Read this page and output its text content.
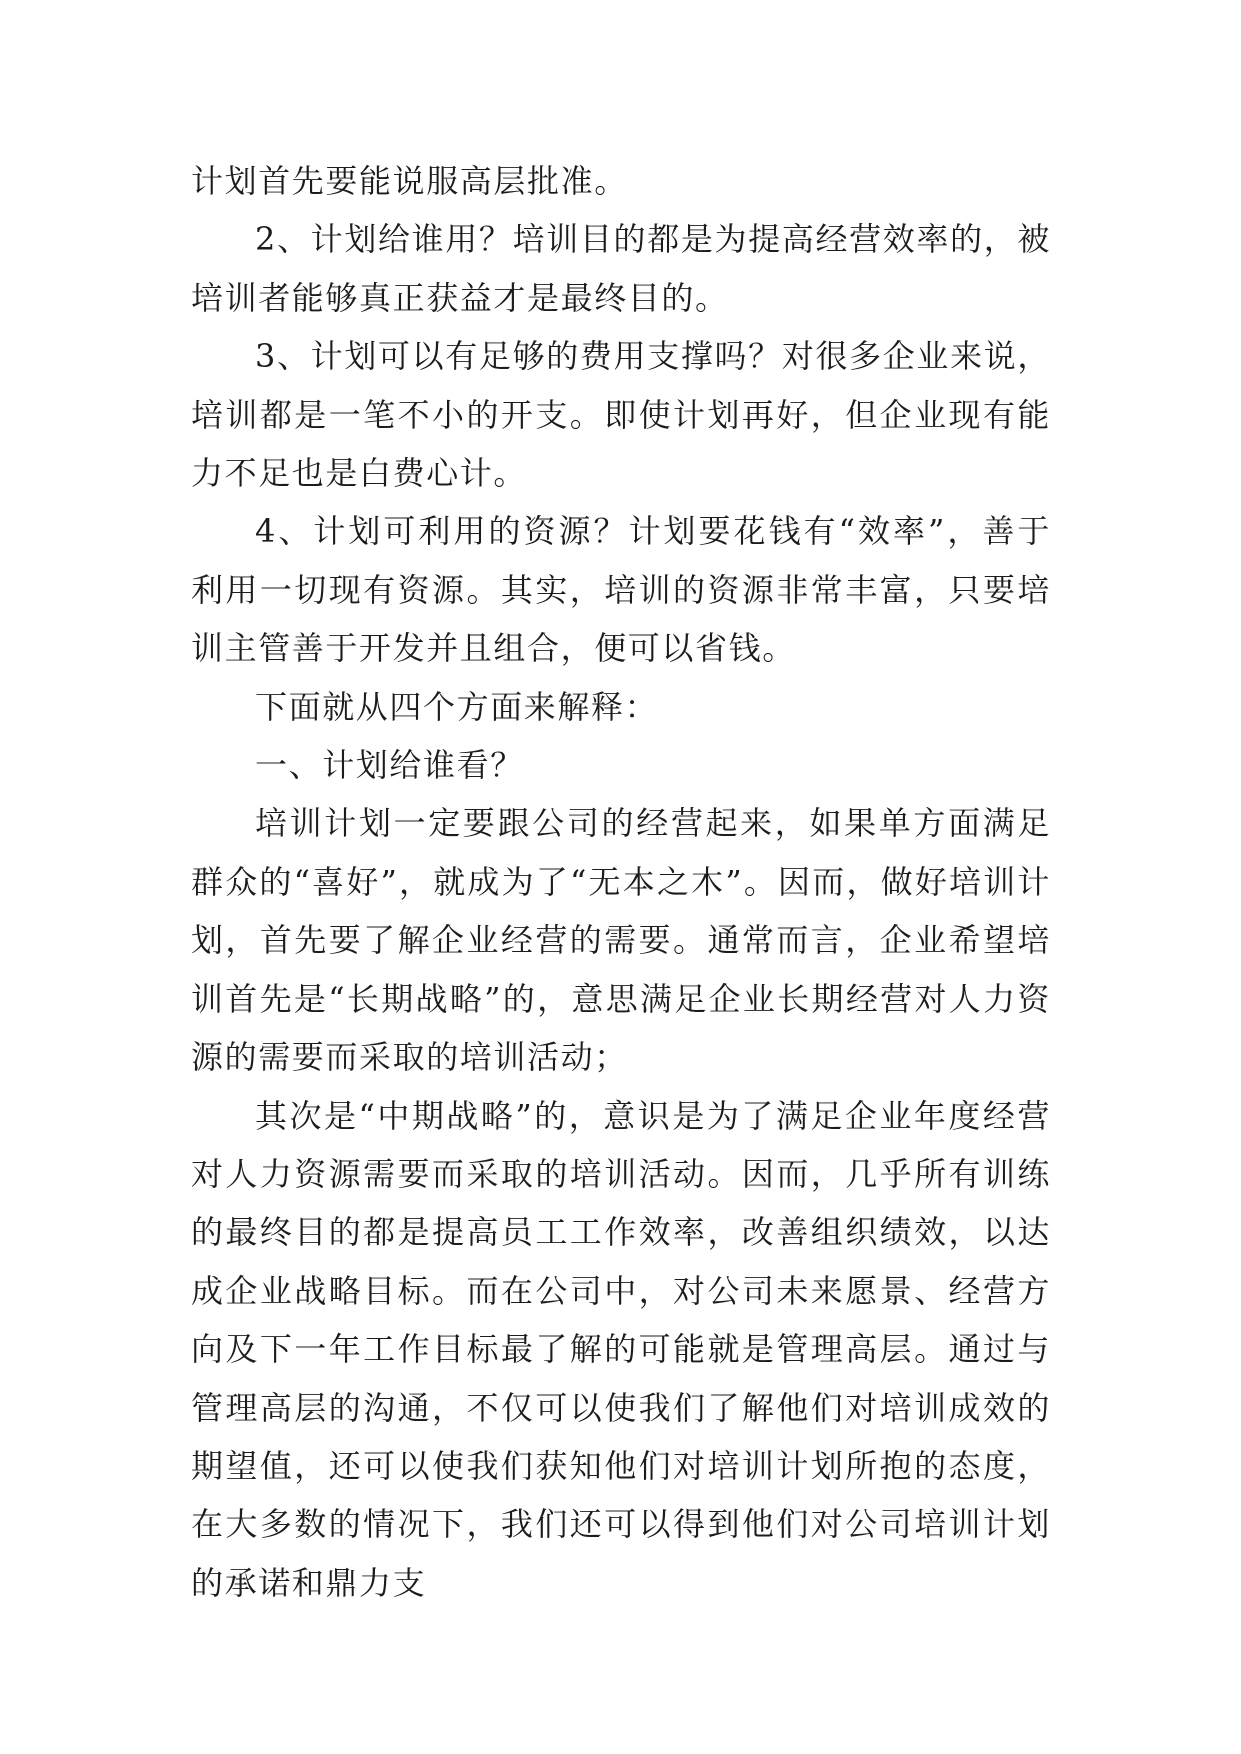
计划首先要能说服高层批准。

2、计划给谁用？培训目的都是为提高经营效率的，被培训者能够真正获益才是最终目的。

3、计划可以有足够的费用支撑吗？对很多企业来说，培训都是一笔不小的开支。即使计划再好，但企业现有能力不足也是白费心计。

4、计划可利用的资源？计划要花钱有“效率”，善于利用一切现有资源。其实，培训的资源非常丰富，只要培训主管善于开发并且组合，便可以省钱。

下面就从四个方面来解释：

一、计划给谁看？

培训计划一定要跟公司的经营起来，如果单方面满足群众的“喜好”，就成为了“无本之木”。因而，做好培训计划，首先要了解企业经营的需要。通常而言，企业希望培训首先是“长期战略”的，意思满足企业长期经营对人力资源的需要而采取的培训活动；

其次是“中期战略”的，意识是为了满足企业年度经营对人力资源需要而采取的培训活动。因而，几乎所有训练的最终目的都是提高员工工作效率，改善组织绩效，以达成企业战略目标。而在公司中，对公司未来愿景、经营方向及下一年工作目标最了解的可能就是管理高层。通过与管理高层的沟通，不仅可以使我们了解他们对培训成效的期望值，还可以使我们获知他们对培训计划所抱的态度，在大多数的情况下，我们还可以得到他们对公司培训计划的承诺和鼎力支
